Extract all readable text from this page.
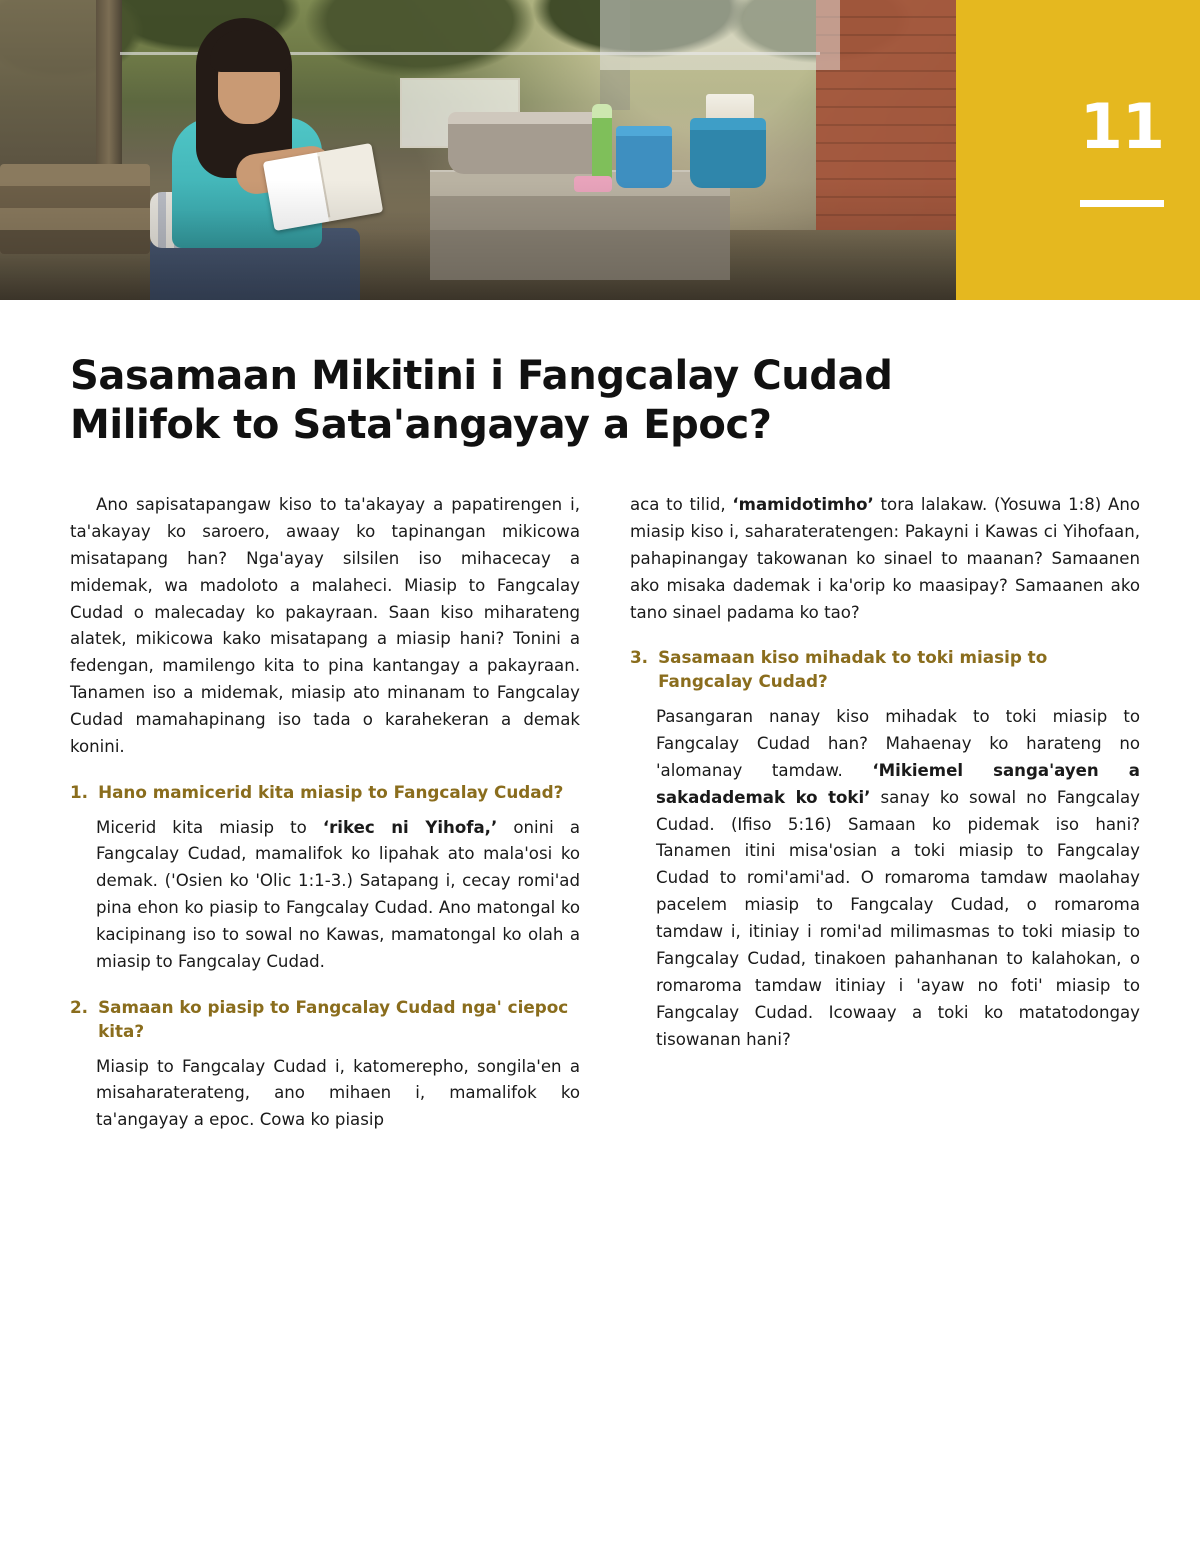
11
Sasamaan Mikitini i Fangcalay Cudad Milifok to Sata'angayay a Epoc?

Ano sapisatapangaw kiso to ta'akayay a papatirengen i, ta'akayay ko saroero, awaay ko tapinangan mikicowa misatapang han? Nga'ayay silsilen iso mihacecay a midemak, wa madoloto a malaheci. Miasip to Fangcalay Cudad o malecaday ko pakayraan. Saan kiso miharateng alatek, mikicowa kako misatapang a miasip hani? Tonini a fedengan, mamilengo kita to pina kantangay a pakayraan. Tanamen iso a midemak, miasip ato minanam to Fangcalay Cudad mamahapinang iso tada o karahekeran a demak konini.

1. Hano mamicerid kita miasip to Fangcalay Cudad?

Micerid kita miasip to ‘rikec ni Yihofa,’ onini a Fangcalay Cudad, mamalifok ko lipahak ato mala'osi ko demak. ('Osien ko 'Olic 1:1-3.) Satapang i, cecay romi'ad pina ehon ko piasip to Fangcalay Cudad. Ano matongal ko kacipinang iso to sowal no Kawas, mamatongal ko olah a miasip to Fangcalay Cudad.

2. Samaan ko piasip to Fangcalay Cudad nga' ciepoc kita?

Miasip to Fangcalay Cudad i, katomerepho, songila'en a misaharaterateng, ano mihaen i, mamalifok ko ta'angayay a epoc. Cowa ko piasip

aca to tilid, ‘mamidotimho’ tora lalakaw. (Yosuwa 1:8) Ano miasip kiso i, saharateratengen: Pakayni i Kawas ci Yihofaan, pahapinangay takowanan ko sinael to maanan? Samaanen ako misaka dademak i ka'orip ko maasipay? Samaanen ako tano sinael padama ko tao?

3. Sasamaan kiso mihadak to toki miasip to Fangcalay Cudad?

Pasangaran nanay kiso mihadak to toki miasip to Fangcalay Cudad han? Mahaenay ko harateng no 'alomanay tamdaw. ‘Mikiemel sanga'ayen a sakadademak ko toki’ sanay ko sowal no Fangcalay Cudad. (Ifiso 5:16) Samaan ko pidemak iso hani? Tanamen itini misa'osian a toki miasip to Fangcalay Cudad to romi'ami'ad. O romaroma tamdaw maolahay pacelem miasip to Fangcalay Cudad, o romaroma tamdaw i, itiniay i romi'ad milimasmas to toki miasip to Fangcalay Cudad, tinakoen pahanhanan to kalahokan, o romaroma tamdaw itiniay i 'ayaw no foti' miasip to Fangcalay Cudad. Icowaay a toki ko matatodongay tisowanan hani?
